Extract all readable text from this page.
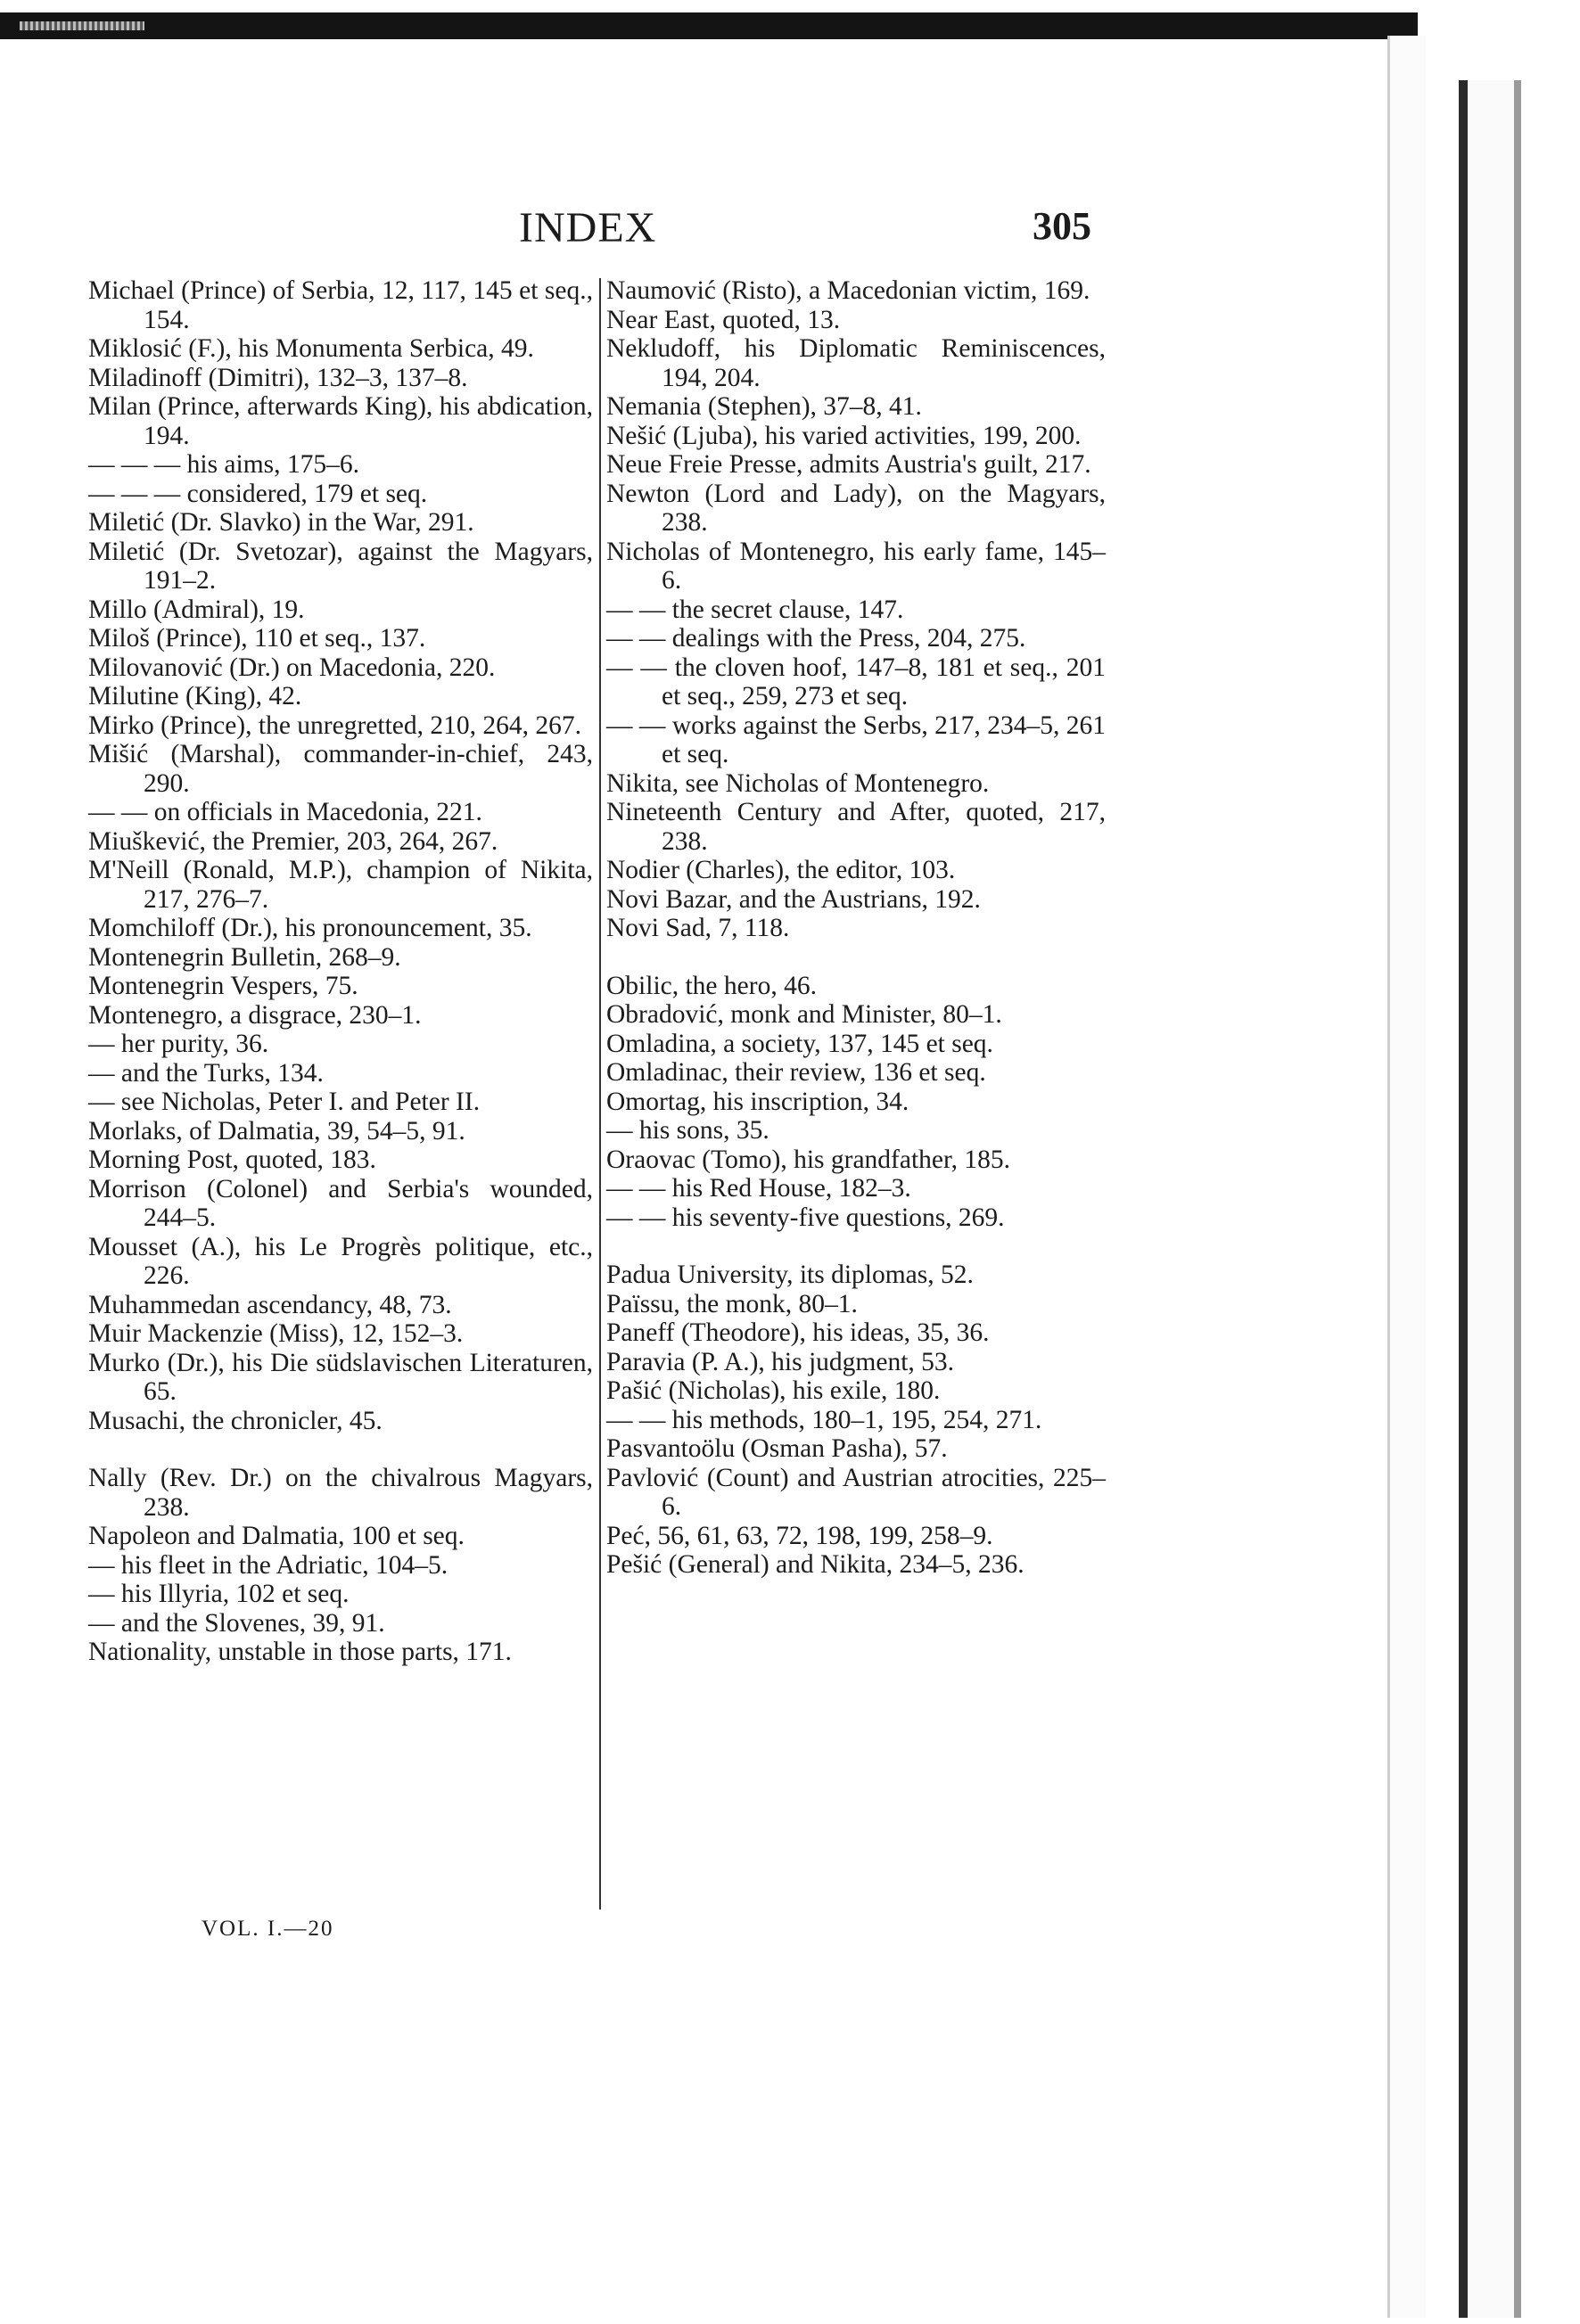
INDEX	305
Michael (Prince) of Serbia, 12, 117, 145 et seq., 154.
Miklosić (F.), his Monumenta Serbica, 49.
Miladinoff (Dimitri), 132–3, 137–8.
Milan (Prince, afterwards King), his abdication, 194.
— — — his aims, 175–6.
— — — considered, 179 et seq.
Miletić (Dr. Slavko) in the War, 291.
Miletić (Dr. Svetozar), against the Magyars, 191–2.
Millo (Admiral), 19.
Miloš (Prince), 110 et seq., 137.
Milovanović (Dr.) on Macedonia, 220.
Milutine (King), 42.
Mirko (Prince), the unregretted, 210, 264, 267.
Mišić (Marshal), commander-in-chief, 243, 290.
— — on officials in Macedonia, 221.
Miuškević, the Premier, 203, 264, 267.
M'Neill (Ronald, M.P.), champion of Nikita, 217, 276–7.
Momchiloff (Dr.), his pronouncement, 35.
Montenegrin Bulletin, 268–9.
Montenegrin Vespers, 75.
Montenegro, a disgrace, 230–1.
— her purity, 36.
— and the Turks, 134.
— see Nicholas, Peter I. and Peter II.
Morlaks, of Dalmatia, 39, 54–5, 91.
Morning Post, quoted, 183.
Morrison (Colonel) and Serbia's wounded, 244–5.
Mousset (A.), his Le Progrès politique, etc., 226.
Muhammedan ascendancy, 48, 73.
Muir Mackenzie (Miss), 12, 152–3.
Murko (Dr.), his Die südslavischen Literaturen, 65.
Musachi, the chronicler, 45.
Nally (Rev. Dr.) on the chivalrous Magyars, 238.
Napoleon and Dalmatia, 100 et seq.
— his fleet in the Adriatic, 104–5.
— his Illyria, 102 et seq.
— and the Slovenes, 39, 91.
Nationality, unstable in those parts, 171.
Naumović (Risto), a Macedonian victim, 169.
Near East, quoted, 13.
Nekludoff, his Diplomatic Reminiscences, 194, 204.
Nemania (Stephen), 37–8, 41.
Nešić (Ljuba), his varied activities, 199, 200.
Neue Freie Presse, admits Austria's guilt, 217.
Newton (Lord and Lady), on the Magyars, 238.
Nicholas of Montenegro, his early fame, 145–6.
— — the secret clause, 147.
— — dealings with the Press, 204, 275.
— — the cloven hoof, 147–8, 181 et seq., 201 et seq., 259, 273 et seq.
— — works against the Serbs, 217, 234–5, 261 et seq.
Nikita, see Nicholas of Montenegro.
Nineteenth Century and After, quoted, 217, 238.
Nodier (Charles), the editor, 103.
Novi Bazar, and the Austrians, 192.
Novi Sad, 7, 118.
Obilic, the hero, 46.
Obradović, monk and Minister, 80–1.
Omladina, a society, 137, 145 et seq.
Omladinac, their review, 136 et seq.
Omortag, his inscription, 34.
— his sons, 35.
Oraovac (Tomo), his grandfather, 185.
— — his Red House, 182–3.
— — his seventy-five questions, 269.
Padua University, its diplomas, 52.
Païssu, the monk, 80–1.
Paneff (Theodore), his ideas, 35, 36.
Paravia (P. A.), his judgment, 53.
Pašić (Nicholas), his exile, 180.
— — his methods, 180–1, 195, 254, 271.
Pasvantoölu (Osman Pasha), 57.
Pavlović (Count) and Austrian atrocities, 225–6.
Peć, 56, 61, 63, 72, 198, 199, 258–9.
Pešić (General) and Nikita, 234–5, 236.
VOL. I.—20
